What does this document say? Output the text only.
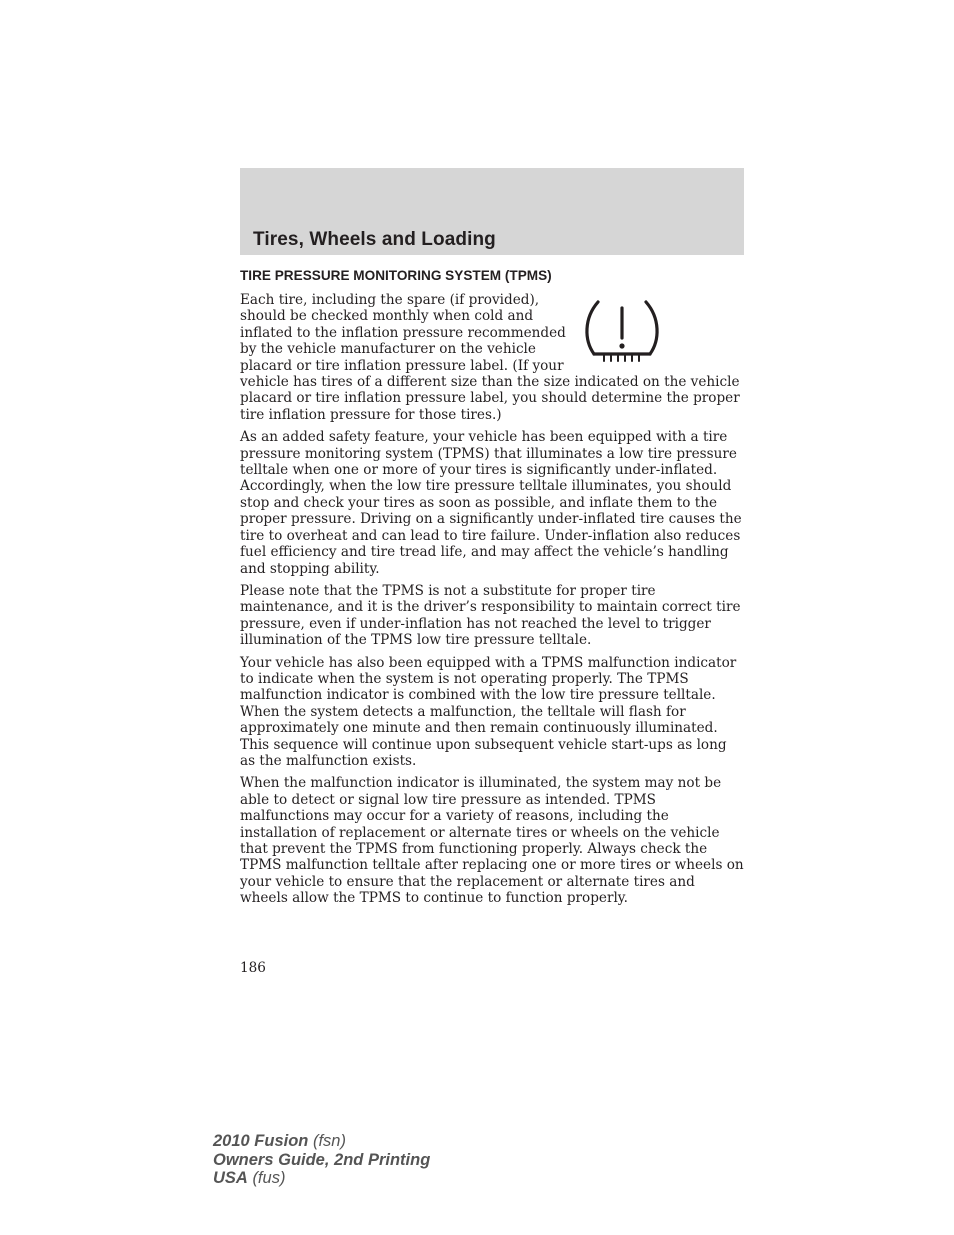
Tires, Wheels and Loading
TIRE PRESSURE MONITORING SYSTEM (TPMS)

Each tire, including the spare (if provided), should be checked monthly when cold and inflated to the inflation pressure recommended by the vehicle manufacturer on the vehicle placard or tire inflation pressure label. (If your vehicle has tires of a different size than the size indicated on the vehicle placard or tire inflation pressure label, you should determine the proper tire inflation pressure for those tires.)

As an added safety feature, your vehicle has been equipped with a tire pressure monitoring system (TPMS) that illuminates a low tire pressure telltale when one or more of your tires is significantly under-inflated. Accordingly, when the low tire pressure telltale illuminates, you should stop and check your tires as soon as possible, and inflate them to the proper pressure. Driving on a significantly under-inflated tire causes the tire to overheat and can lead to tire failure. Under-inflation also reduces fuel efficiency and tire tread life, and may affect the vehicle’s handling and stopping ability.

Please note that the TPMS is not a substitute for proper tire maintenance, and it is the driver’s responsibility to maintain correct tire pressure, even if under-inflation has not reached the level to trigger illumination of the TPMS low tire pressure telltale.

Your vehicle has also been equipped with a TPMS malfunction indicator to indicate when the system is not operating properly. The TPMS malfunction indicator is combined with the low tire pressure telltale. When the system detects a malfunction, the telltale will flash for approximately one minute and then remain continuously illuminated. This sequence will continue upon subsequent vehicle start-ups as long as the malfunction exists.

When the malfunction indicator is illuminated, the system may not be able to detect or signal low tire pressure as intended. TPMS malfunctions may occur for a variety of reasons, including the installation of replacement or alternate tires or wheels on the vehicle that prevent the TPMS from functioning properly. Always check the TPMS malfunction telltale after replacing one or more tires or wheels on your vehicle to ensure that the replacement or alternate tires and wheels allow the TPMS to continue to function properly.

186

2010 Fusion (fsn)
Owners Guide, 2nd Printing
USA (fus)
